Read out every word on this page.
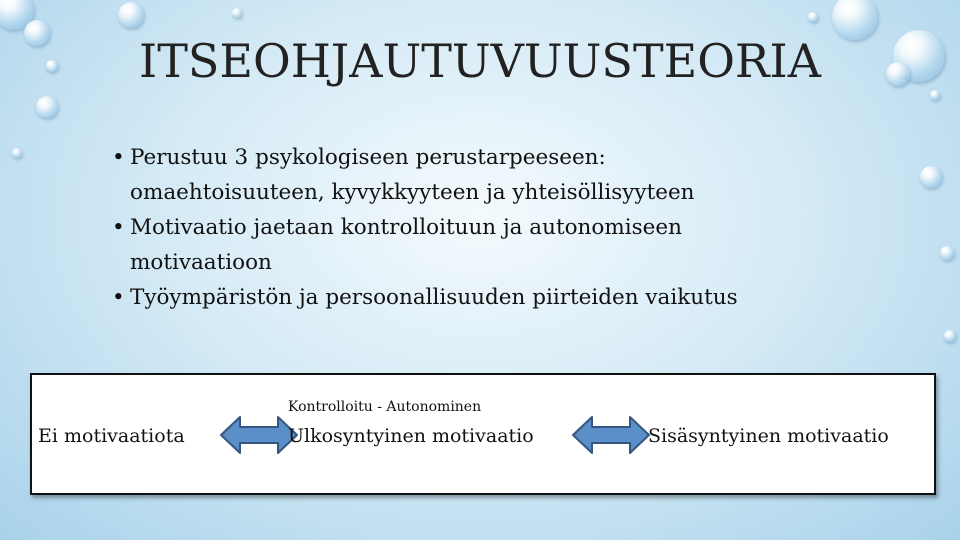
ITSEOHJAUTUVUUSTEORIA
• Perustuu 3 psykologiseen perustarpeeseen:
omaehtoisuuteen, kyvykkyyteen ja yhteisöllisyyteen
• Motivaatio jaetaan kontrolloituun ja autonomiseen
motivaatioon
• Työympäristön ja persoonallisuuden piirteiden vaikutus
Ei motivaatiota
Kontrolloitu - Autonominen
Ulkosyntyinen motivaatio	Sisäsyntyinen motivaatio
